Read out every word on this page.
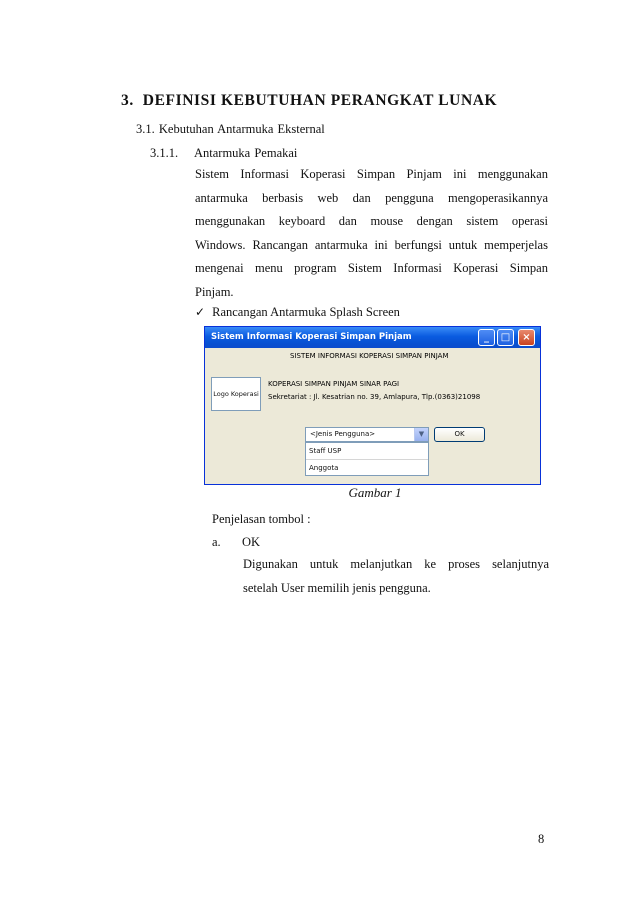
3. DEFINISI KEBUTUHAN PERANGKAT LUNAK
3.1. Kebutuhan Antarmuka Eksternal
3.1.1. Antarmuka Pemakai
Sistem Informasi Koperasi Simpan Pinjam ini menggunakan
antarmuka berbasis web dan pengguna mengoperasikannya
menggunakan keyboard dan mouse dengan sistem operasi
Windows. Rancangan antarmuka ini berfungsi untuk memperjelas
mengenai menu program Sistem Informasi Koperasi Simpan
Pinjam.
✓ Rancangan Antarmuka Splash Screen
Sistem Informasi Koperasi Simpan Pinjam	_	□	×
SISTEM INFORMASI KOPERASI SIMPAN PINJAM
Logo Koperasi
KOPERASI SIMPAN PINJAM SINAR PAGI
Sekretariat : Jl. Kesatrian no. 39, Amlapura, Tlp.(0363)21098
<Jenis Pengguna>	▼	OK
Staff USP
Anggota
Gambar 1
Penjelasan tombol :
a. OK
Digunakan untuk melanjutkan ke proses selanjutnya
setelah User memilih jenis pengguna.
8
